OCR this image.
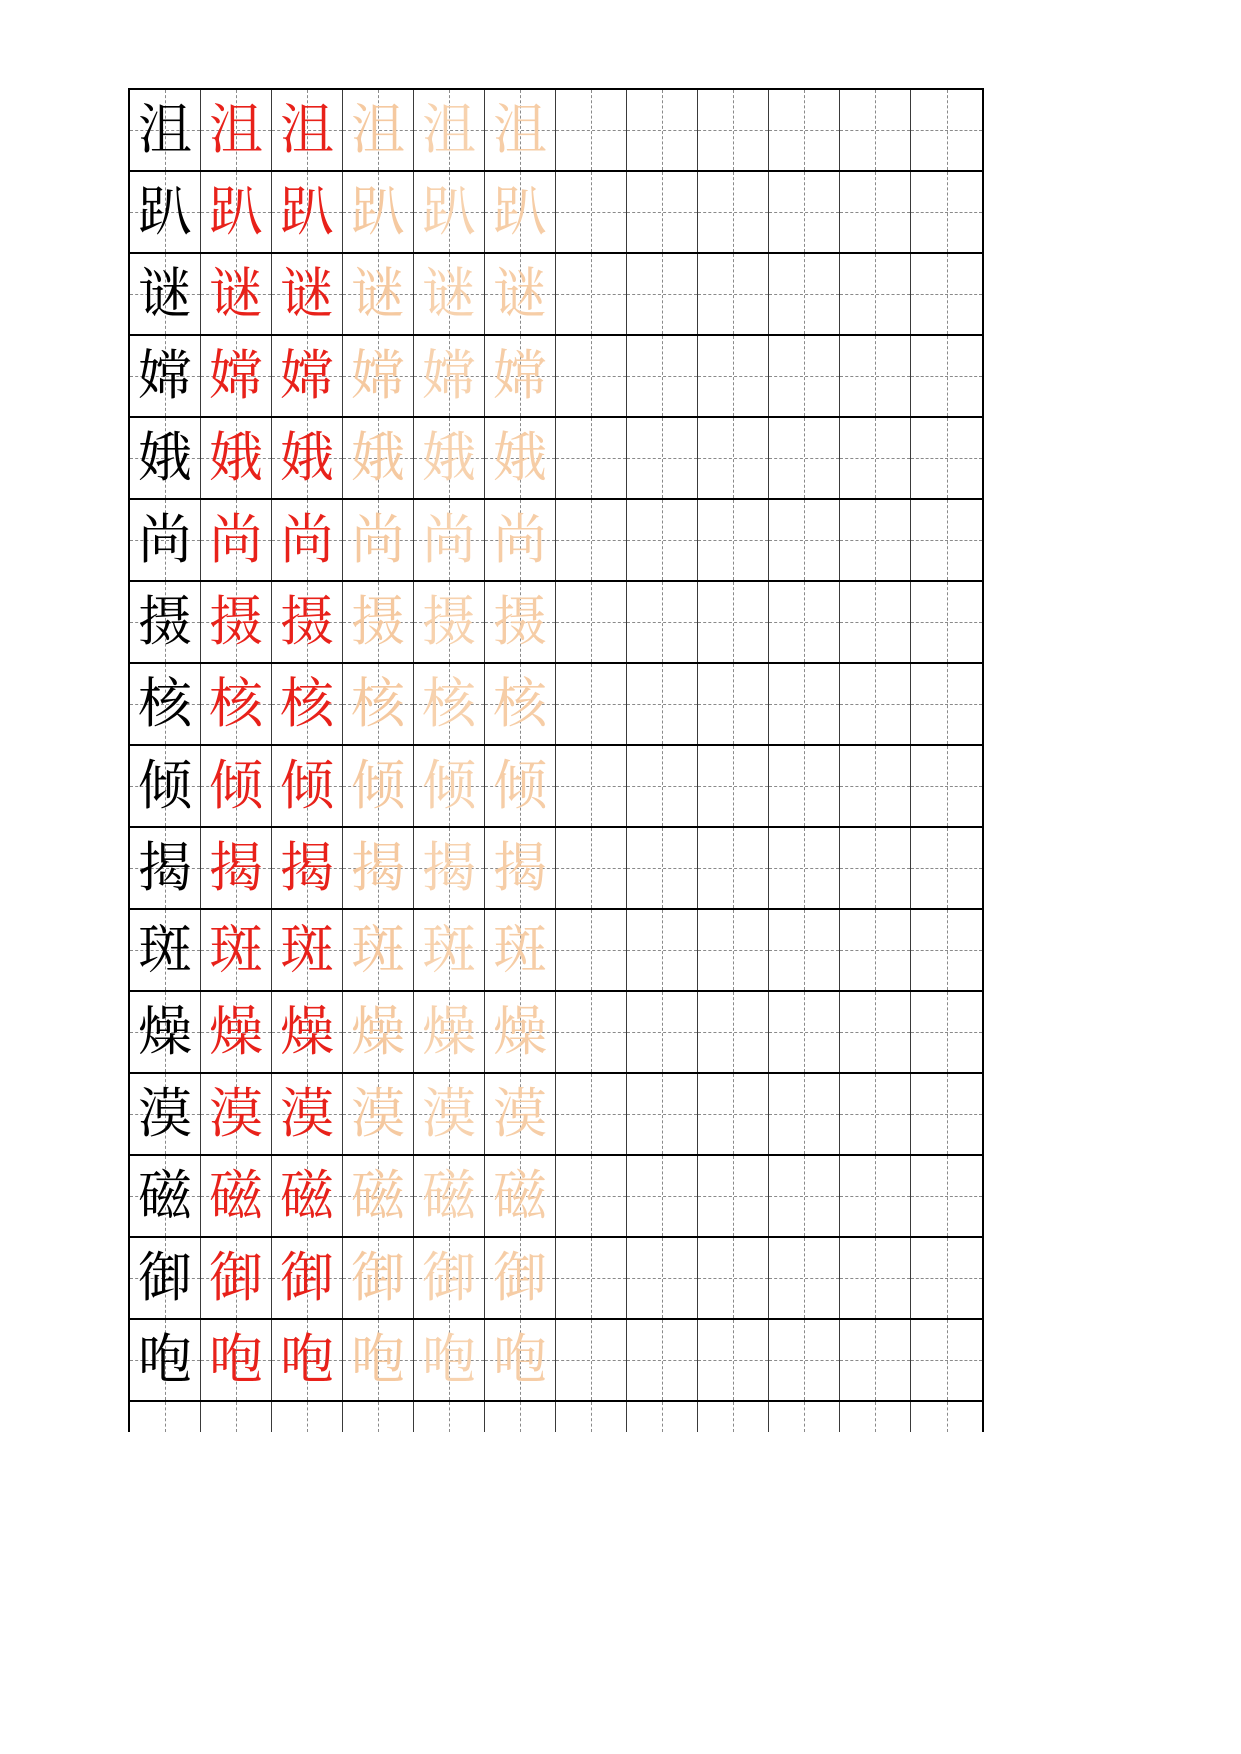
沮 沮 沮 沮 沮 沮
趴 趴 趴 趴 趴 趴
谜 谜 谜 谜 谜 谜
嫦 嫦 嫦 嫦 嫦 嫦
娥 娥 娥 娥 娥 娥
尚 尚 尚 尚 尚 尚
摄 摄 摄 摄 摄 摄
核 核 核 核 核 核
倾 倾 倾 倾 倾 倾
揭 揭 揭 揭 揭 揭
斑 斑 斑 斑 斑 斑
燥 燥 燥 燥 燥 燥
漠 漠 漠 漠 漠 漠
磁 磁 磁 磁 磁 磁
御 御 御 御 御 御
咆 咆 咆 咆 咆 咆
